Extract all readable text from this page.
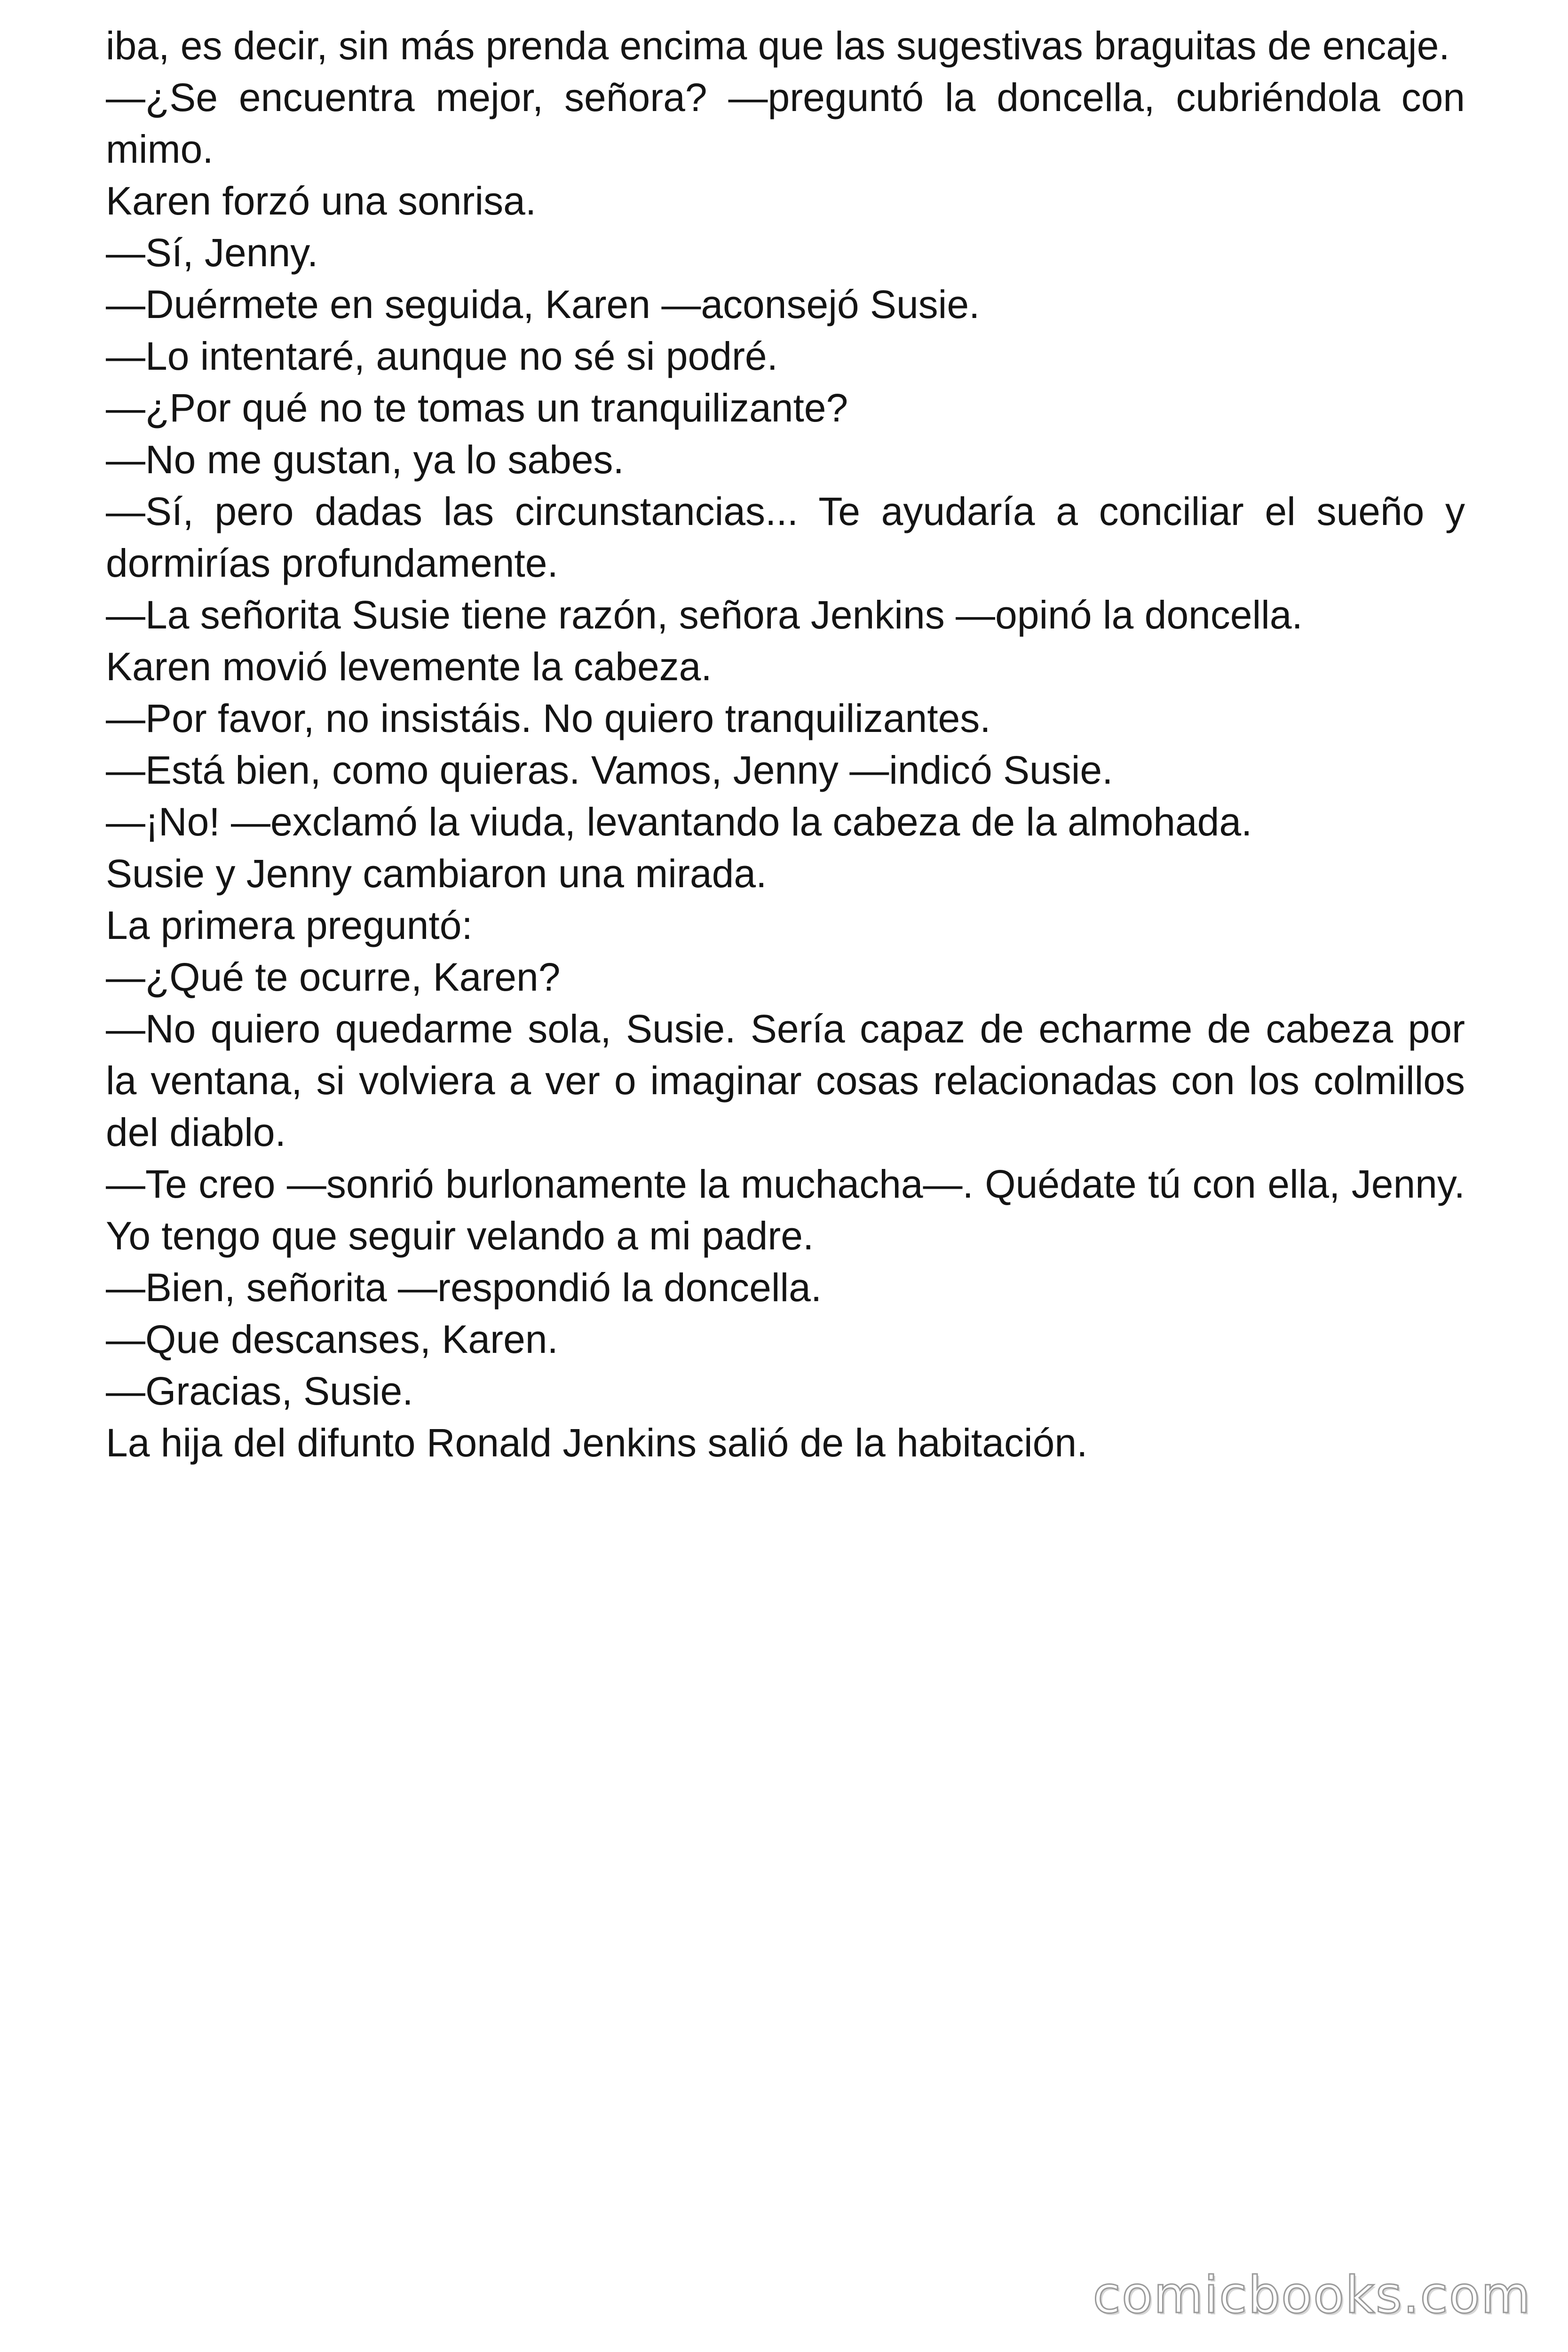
iba, es decir, sin más prenda encima que las sugestivas braguitas de encaje.

—¿Se encuentra mejor, señora? —preguntó la doncella, cubriéndola con mimo.

Karen forzó una sonrisa.

—Sí, Jenny.

—Duérmete en seguida, Karen —aconsejó Susie.

—Lo intentaré, aunque no sé si podré.

—¿Por qué no te tomas un tranquilizante?

—No me gustan, ya lo sabes.

—Sí, pero dadas las circunstancias... Te ayudaría a conciliar el sueño y dormirías profundamente.

—La señorita Susie tiene razón, señora Jenkins —opinó la doncella.

Karen movió levemente la cabeza.

—Por favor, no insistáis. No quiero tranquilizantes.

—Está bien, como quieras. Vamos, Jenny —indicó Susie.

—¡No! —exclamó la viuda, levantando la cabeza de la almohada.

Susie y Jenny cambiaron una mirada.

La primera preguntó:

—¿Qué te ocurre, Karen?

—No quiero quedarme sola, Susie. Sería capaz de echarme de cabeza por la ventana, si volviera a ver o imaginar cosas relacionadas con los colmillos del diablo.

—Te creo —sonrió burlonamente la muchacha—. Quédate tú con ella, Jenny. Yo tengo que seguir velando a mi padre.

—Bien, señorita —respondió la doncella.

—Que descanses, Karen.

—Gracias, Susie.

La hija del difunto Ronald Jenkins salió de la habitación.

comicbooks.com
